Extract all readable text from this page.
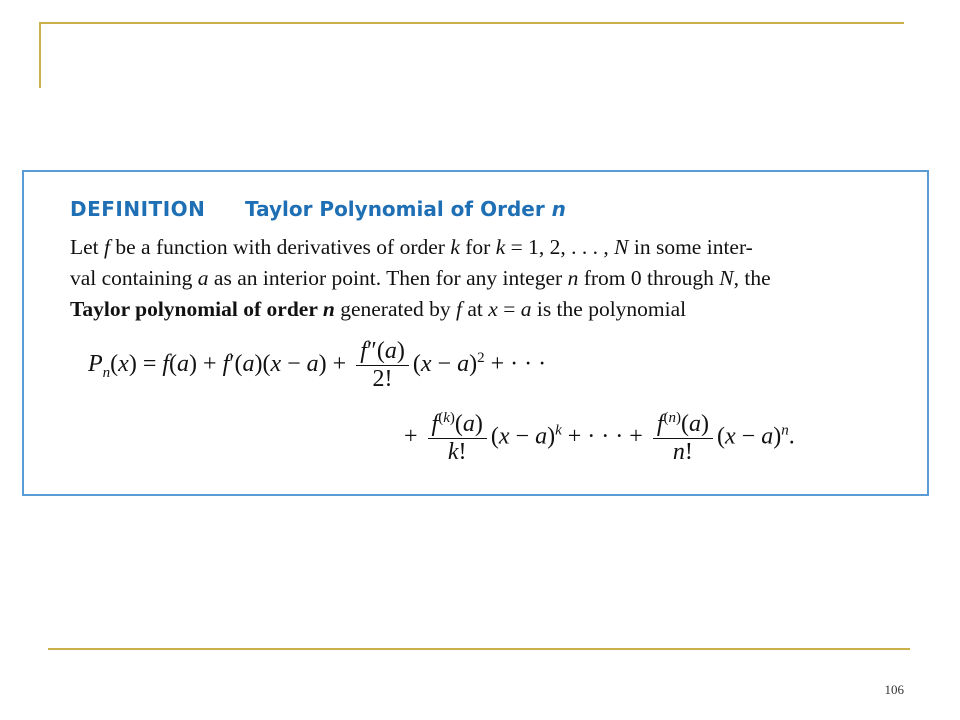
106
DEFINITION Taylor Polynomial of Order n
Let f be a function with derivatives of order k for k = 1, 2, . . . , N in some inter-
val containing a as an interior point. Then for any integer n from 0 through N, the
Taylor polynomial of order n generated by f at x = a is the polynomial
$P_n(x) = f(a) + f'(a)(x - a) + \frac{f''(a)}{2!} (x - a)^2$ + · · ·
+ $\frac{f^{(k)}(a)}{k!} (x - a)^k$ + · · · + $\frac{f^{(n)}(a)}{n!} (x - a)^n$.
